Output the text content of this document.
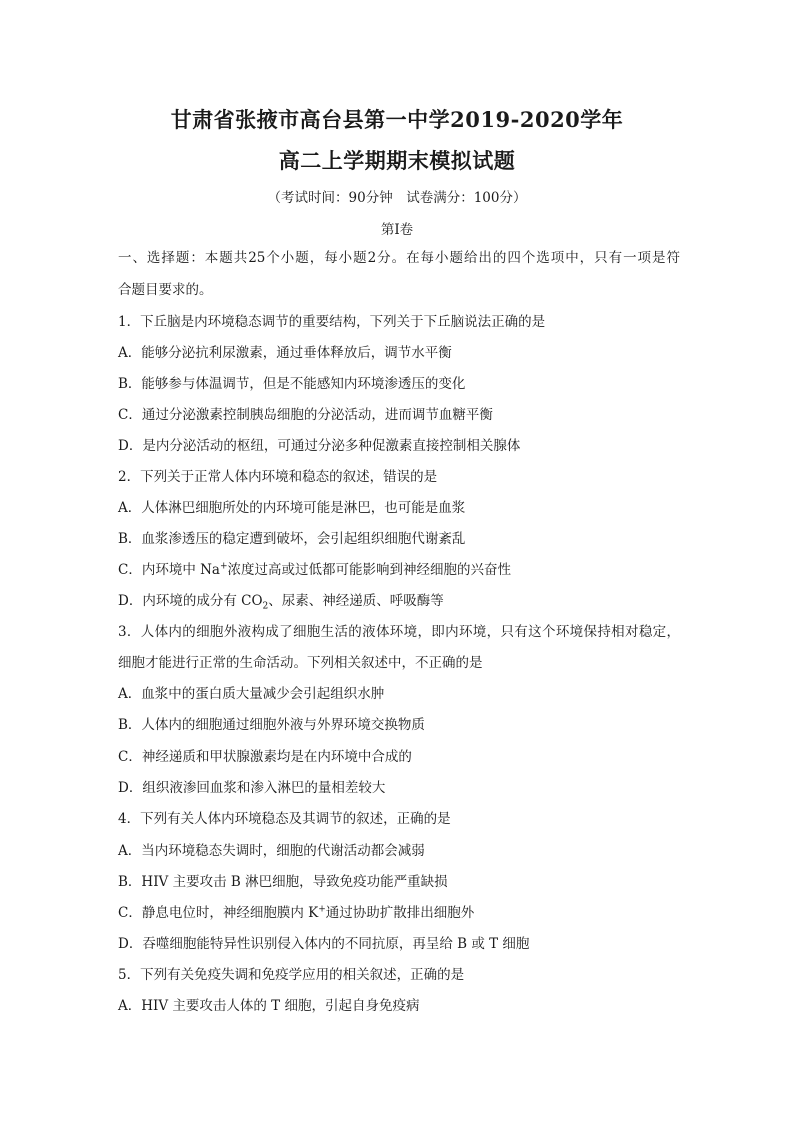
甘肃省张掖市高台县第一中学2019-2020学年
高二上学期期末模拟试题
（考试时间：90分钟　试卷满分：100分）
第Ⅰ卷
一、选择题：本题共25个小题，每小题2分。在每小题给出的四个选项中，只有一项是符
合题目要求的。
1．下丘脑是内环境稳态调节的重要结构，下列关于下丘脑说法正确的是
A．能够分泌抗利尿激素，通过垂体释放后，调节水平衡
B．能够参与体温调节，但是不能感知内环境渗透压的变化
C．通过分泌激素控制胰岛细胞的分泌活动，进而调节血糖平衡
D．是内分泌活动的枢纽，可通过分泌多种促激素直接控制相关腺体
2．下列关于正常人体内环境和稳态的叙述，错误的是
A．人体淋巴细胞所处的内环境可能是淋巴，也可能是血浆
B．血浆渗透压的稳定遭到破坏，会引起组织细胞代谢紊乱
C．内环境中 Na+浓度过高或过低都可能影响到神经细胞的兴奋性
D．内环境的成分有 $CO_2$、尿素、神经递质、呼吸酶等
3．人体内的细胞外液构成了细胞生活的液体环境，即内环境，只有这个环境保持相对稳定，
细胞才能进行正常的生命活动。下列相关叙述中，不正确的是
A．血浆中的蛋白质大量减少会引起组织水肿
B．人体内的细胞通过细胞外液与外界环境交换物质
C．神经递质和甲状腺激素均是在内环境中合成的
D．组织液渗回血浆和渗入淋巴的量相差较大
4．下列有关人体内环境稳态及其调节的叙述，正确的是
A．当内环境稳态失调时，细胞的代谢活动都会减弱
B．HIV 主要攻击 B 淋巴细胞，导致免疫功能严重缺损
C．静息电位时，神经细胞膜内 K+通过协助扩散排出细胞外
D．吞噬细胞能特异性识别侵入体内的不同抗原，再呈给 B 或 T 细胞
5．下列有关免疫失调和免疫学应用的相关叙述，正确的是
A．HIV 主要攻击人体的 T 细胞，引起自身免疫病
